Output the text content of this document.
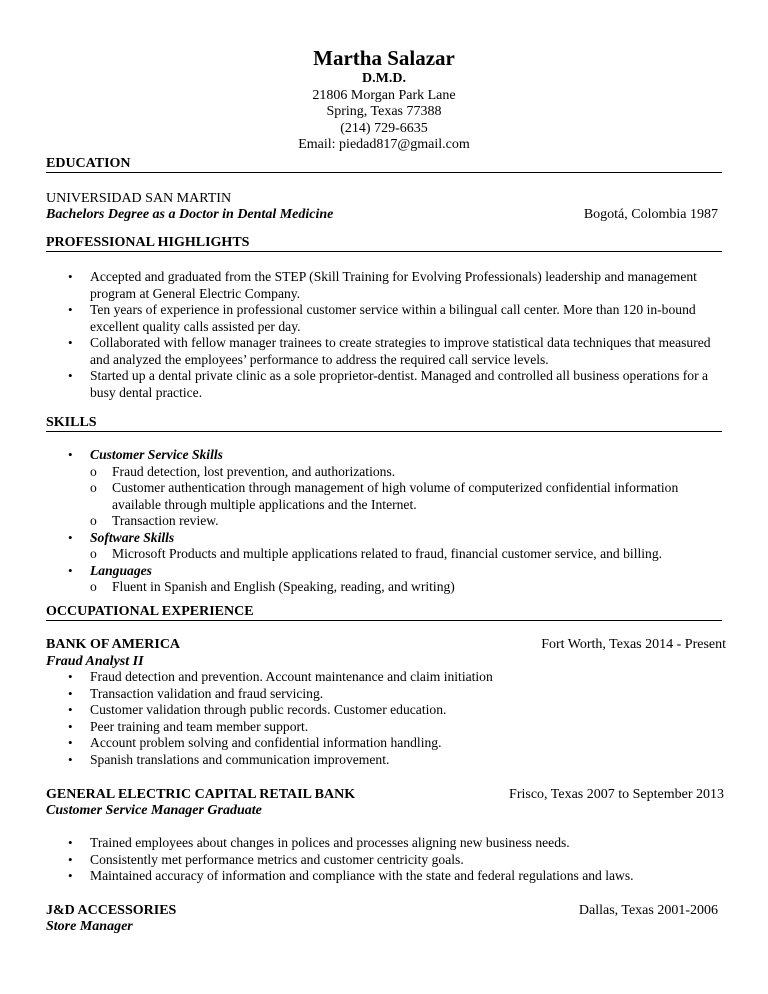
Martha Salazar
D.M.D.
21806 Morgan Park Lane
Spring, Texas 77388
(214) 729-6635
Email: piedad817@gmail.com
EDUCATION
UNIVERSIDAD SAN MARTIN
Bachelors Degree as a Doctor in Dental Medicine	Bogotá, Colombia 1987
PROFESSIONAL HIGHLIGHTS
• Accepted and graduated from the STEP (Skill Training for Evolving Professionals) leadership and management
program at General Electric Company.
• Ten years of experience in professional customer service within a bilingual call center. More than 120 in-bound
excellent quality calls assisted per day.
• Collaborated with fellow manager trainees to create strategies to improve statistical data techniques that measured
and analyzed the employees’ performance to address the required call service levels.
• Started up a dental private clinic as a sole proprietor-dentist. Managed and controlled all business operations for a
busy dental practice.
SKILLS
• Customer Service Skills
o Fraud detection, lost prevention, and authorizations.
o Customer authentication through management of high volume of computerized confidential information
available through multiple applications and the Internet.
o Transaction review.
• Software Skills
o Microsoft Products and multiple applications related to fraud, financial customer service, and billing.
• Languages
o Fluent in Spanish and English (Speaking, reading, and writing)
OCCUPATIONAL EXPERIENCE
BANK OF AMERICA	Fort Worth, Texas 2014 - Present
Fraud Analyst II
• Fraud detection and prevention. Account maintenance and claim initiation
• Transaction validation and fraud servicing.
• Customer validation through public records. Customer education.
• Peer training and team member support.
• Account problem solving and confidential information handling.
• Spanish translations and communication improvement.
GENERAL ELECTRIC CAPITAL RETAIL BANK	Frisco, Texas 2007 to September 2013
Customer Service Manager Graduate
• Trained employees about changes in polices and processes aligning new business needs.
• Consistently met performance metrics and customer centricity goals.
• Maintained accuracy of information and compliance with the state and federal regulations and laws.
J&D ACCESSORIES	Dallas, Texas 2001-2006
Store Manager
